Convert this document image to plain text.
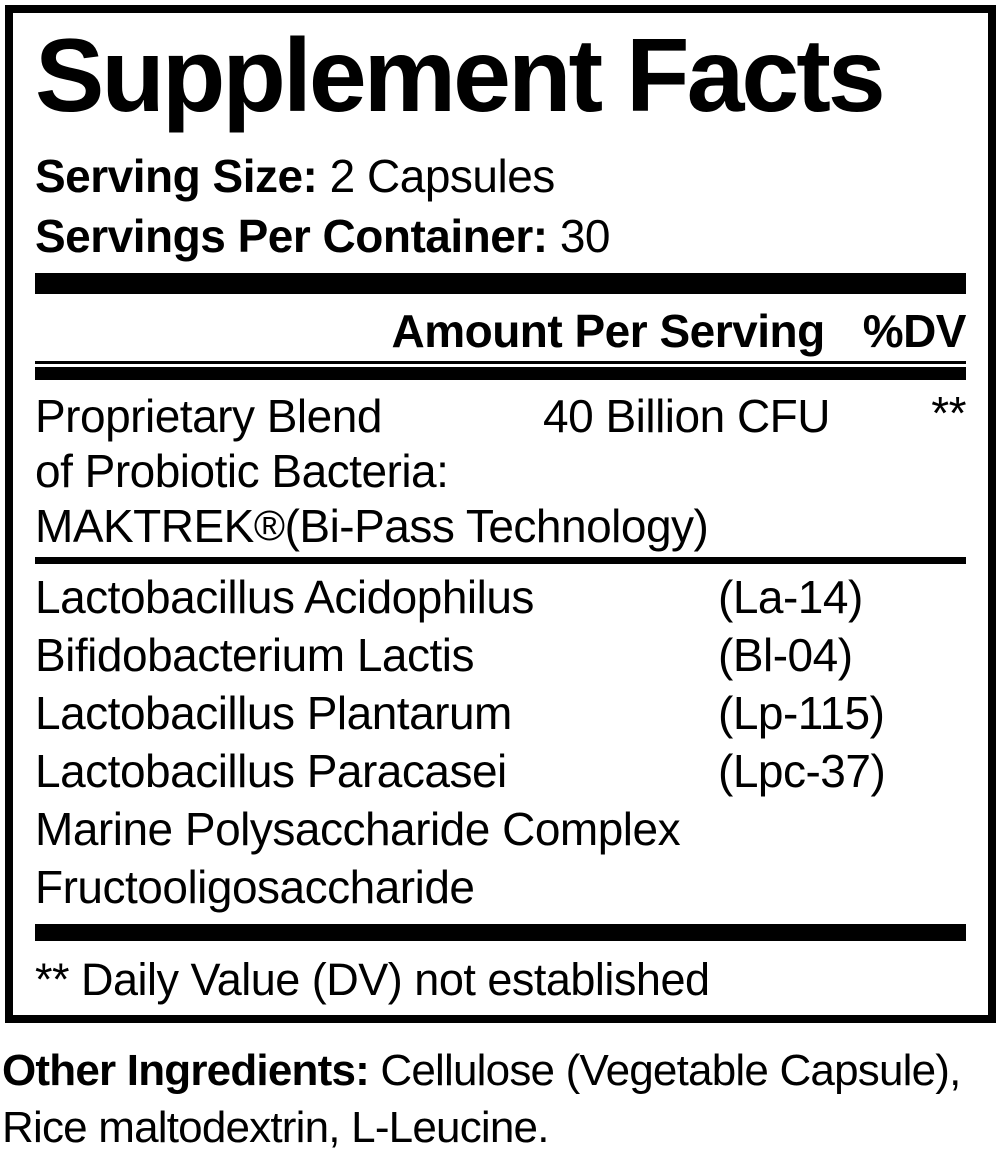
Supplement Facts
Serving Size: 2 Capsules
Servings Per Container: 30
Amount Per Serving %DV
Proprietary Blend	40 Billion CFU **
of Probiotic Bacteria:
MAKTREK®(Bi-Pass Technology)
Lactobacillus Acidophilus	(La-14)
Bifidobacterium Lactis	(Bl-04)
Lactobacillus Plantarum	(Lp-115)
Lactobacillus Paracasei	(Lpc-37)
Marine Polysaccharide Complex
Fructooligosaccharide
** Daily Value (DV) not established
Other Ingredients: Cellulose (Vegetable Capsule),
Rice maltodextrin, L-Leucine.
